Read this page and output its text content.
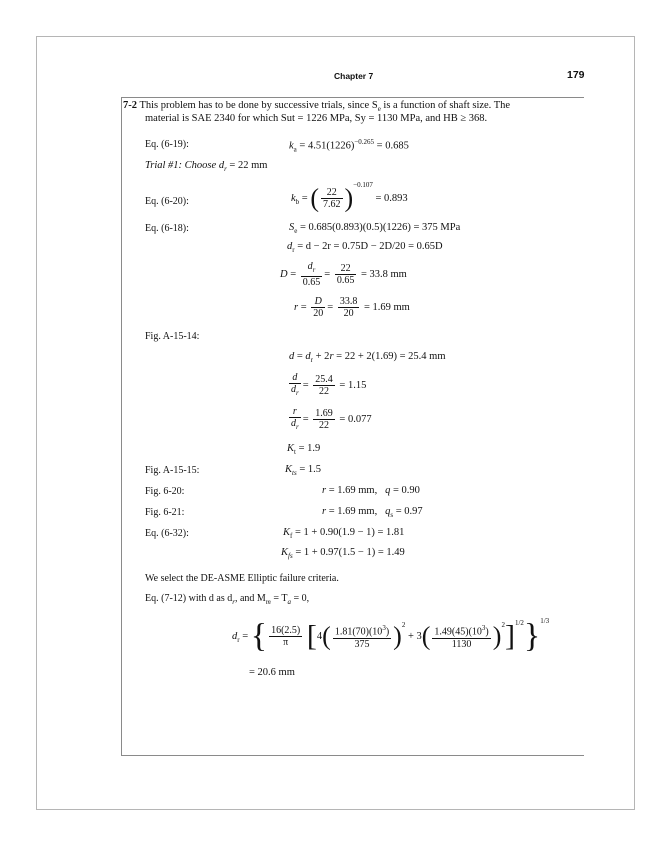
Chapter 7	179
7-2 This problem has to be done by successive trials, since $S_e$ is a function of shaft size. The
material is SAE 2340 for which Sut = 1226 MPa, Sy = 1130 MPa, and HB ≥ 368.
Eq. (6-19):	$k_a = 4.51(1226)^{-0.265} = 0.685$
Trial #1: Choose $d_r = 22$ mm
Eq. (6-20):	$k_b$ = ( $\frac{22}{7.62} )^{-0.107} = 0.893$
Eq. (6-18):	$S_e = 0.685(0.893)(0.5)(1226) = 375$ MPa
$d_r = d - 2r = 0.75D - 2D/20 = 0.65D$
$D = \frac{d_r}{0.65} = \frac{22}{0.65} = 33.8$ mm
$r = \frac{D}{20} = \frac{33.8}{20} = 1.69$ mm
Fig. A-15-14:
$d = d_r + 2r = 22 + 2(1.69) = 25.4$ mm
$\frac{d}{d_r} = \frac{25.4}{22} = 1.15$
$\frac{r}{d_r} = \frac{1.69}{22} = 0.077$
$K_t = 1.9$
Fig. A-15-15:	$K_{ts} = 1.5$
Fig. 6-20:	r = 1.69 mm,   q = 0.90
Fig. 6-21:	r = 1.69 mm,   $q_s = 0.97$
Eq. (6-32):	$K_f = 1 + 0.90(1.9 - 1) = 1.81$
$K_{fs} = 1 + 0.97(1.5 - 1) = 1.49$
We select the DE-ASME Elliptic failure criteria.
Eq. (7-12) with d as $d_r$, and $M_m = T_a = 0$,
$d_r$ = { $\frac{16(2.5)}{\pi} [4( \frac{1.81(70)(10^3)}{375} )^2 + 3( \frac{1.49(45)(10^3)}{1130} )^2]^{1/2}\}^{1/3}$
= 20.6 mm
